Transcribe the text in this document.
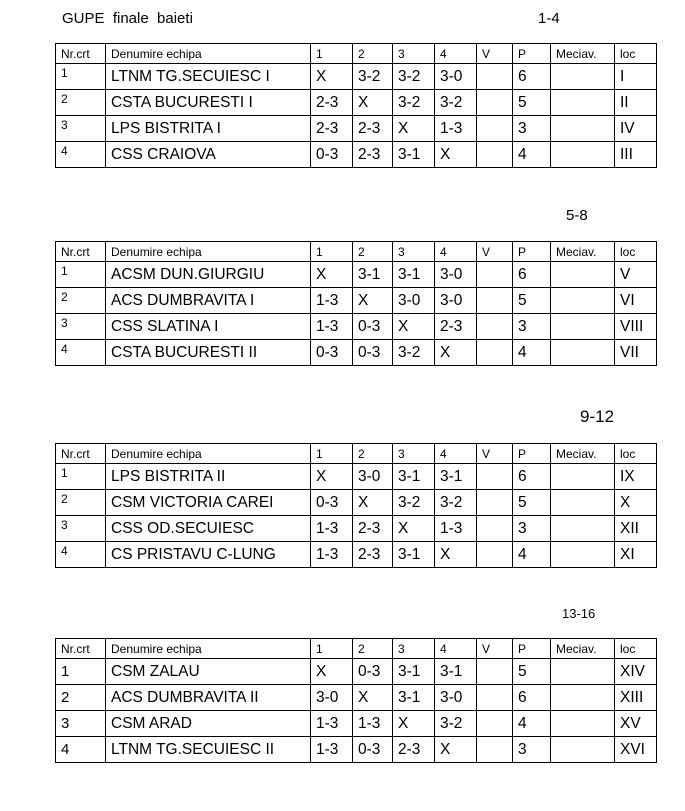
GUPE  finale  baieti	1-4
Nr.crt	Denumire echipa	1	2	3	4	V	P	Meciav.	loc
1	LTNM TG.SECUIESC I	X	3-2	3-2	3-0		6		I
2	CSTA BUCURESTI I	2-3	X	3-2	3-2		5		II
3	LPS BISTRITA I	2-3	2-3	X	1-3		3		IV
4	CSS CRAIOVA	0-3	2-3	3-1	X		4		III
5-8
Nr.crt	Denumire echipa	1	2	3	4	V	P	Meciav.	loc
1	ACSM DUN.GIURGIU	X	3-1	3-1	3-0		6		V
2	ACS DUMBRAVITA I	1-3	X	3-0	3-0		5		VI
3	CSS SLATINA I	1-3	0-3	X	2-3		3		VIII
4	CSTA BUCURESTI II	0-3	0-3	3-2	X		4		VII
9-12
Nr.crt	Denumire echipa	1	2	3	4	V	P	Meciav.	loc
1	LPS BISTRITA II	X	3-0	3-1	3-1		6		IX
2	CSM VICTORIA CAREI	0-3	X	3-2	3-2		5		X
3	CSS OD.SECUIESC	1-3	2-3	X	1-3		3		XII
4	CS PRISTAVU C-LUNG	1-3	2-3	3-1	X		4		XI
13-16
Nr.crt	Denumire echipa	1	2	3	4	V	P	Meciav.	loc
1	CSM ZALAU	X	0-3	3-1	3-1		5		XIV
2	ACS DUMBRAVITA II	3-0	X	3-1	3-0		6		XIII
3	CSM ARAD	1-3	1-3	X	3-2		4		XV
4	LTNM TG.SECUIESC II	1-3	0-3	2-3	X		3		XVI
